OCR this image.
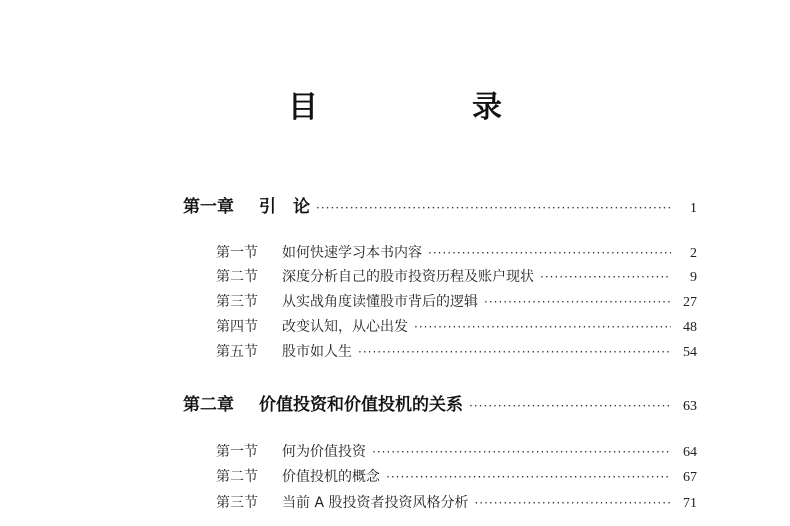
目　录
第一章	引　论 ·····	1
第一节	如何快速学习本书内容 ·····	2
第二节	深度分析自己的股市投资历程及账户现状 ·····	9
第三节	从实战角度读懂股市背后的逻辑 ·····	27
第四节	改变认知，从心出发 ·····	48
第五节	股市如人生 ·····	54
第二章	价值投资和价值投机的关系 ·····	63
第一节	何为价值投资 ·····	64
第二节	价值投机的概念 ·····	67
第三节	当前 A 股投资者投资风格分析 ·····	71
